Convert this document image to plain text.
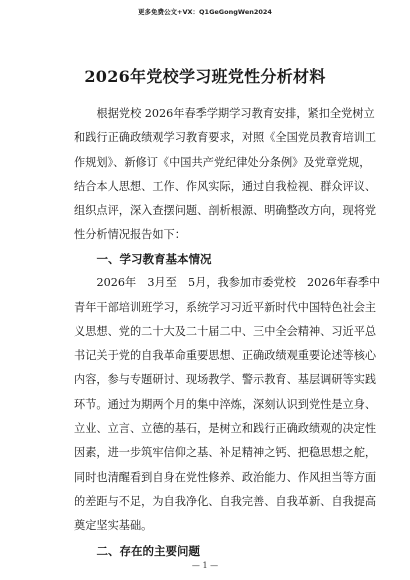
更多免费公文+VX：Q1GeGongWen2024
2026年党校学习班党性分析材料
根据党校 2026年春季学期学习教育安排，紧扣全党树立
和践行正确政绩观学习教育要求，对照《全国党员教育培训工
作规划》、新修订《中国共产党纪律处分条例》及党章党规，
结合本人思想、工作、作风实际，通过自我检视、群众评议、
组织点评，深入查摆问题、剖析根源、明确整改方向，现将党
性分析情况报告如下：
一、学习教育基本情况
2026年　3月至　5月，我参加市委党校　2026年春季中
青年干部培训班学习，系统学习习近平新时代中国特色社会主
义思想、党的二十大及二十届二中、三中全会精神、习近平总
书记关于党的自我革命重要思想、正确政绩观重要论述等核心
内容，参与专题研讨、现场教学、警示教育、基层调研等实践
环节。通过为期两个月的集中淬炼，深刻认识到党性是立身、
立业、立言、立德的基石，是树立和践行正确政绩观的决定性
因素，进一步筑牢信仰之基、补足精神之钙、把稳思想之舵，
同时也清醒看到自身在党性修养、政治能力、作风担当等方面
的差距与不足，为自我净化、自我完善、自我革新、自我提高
奠定坚实基础。
二、存在的主要问题
— 1 —
